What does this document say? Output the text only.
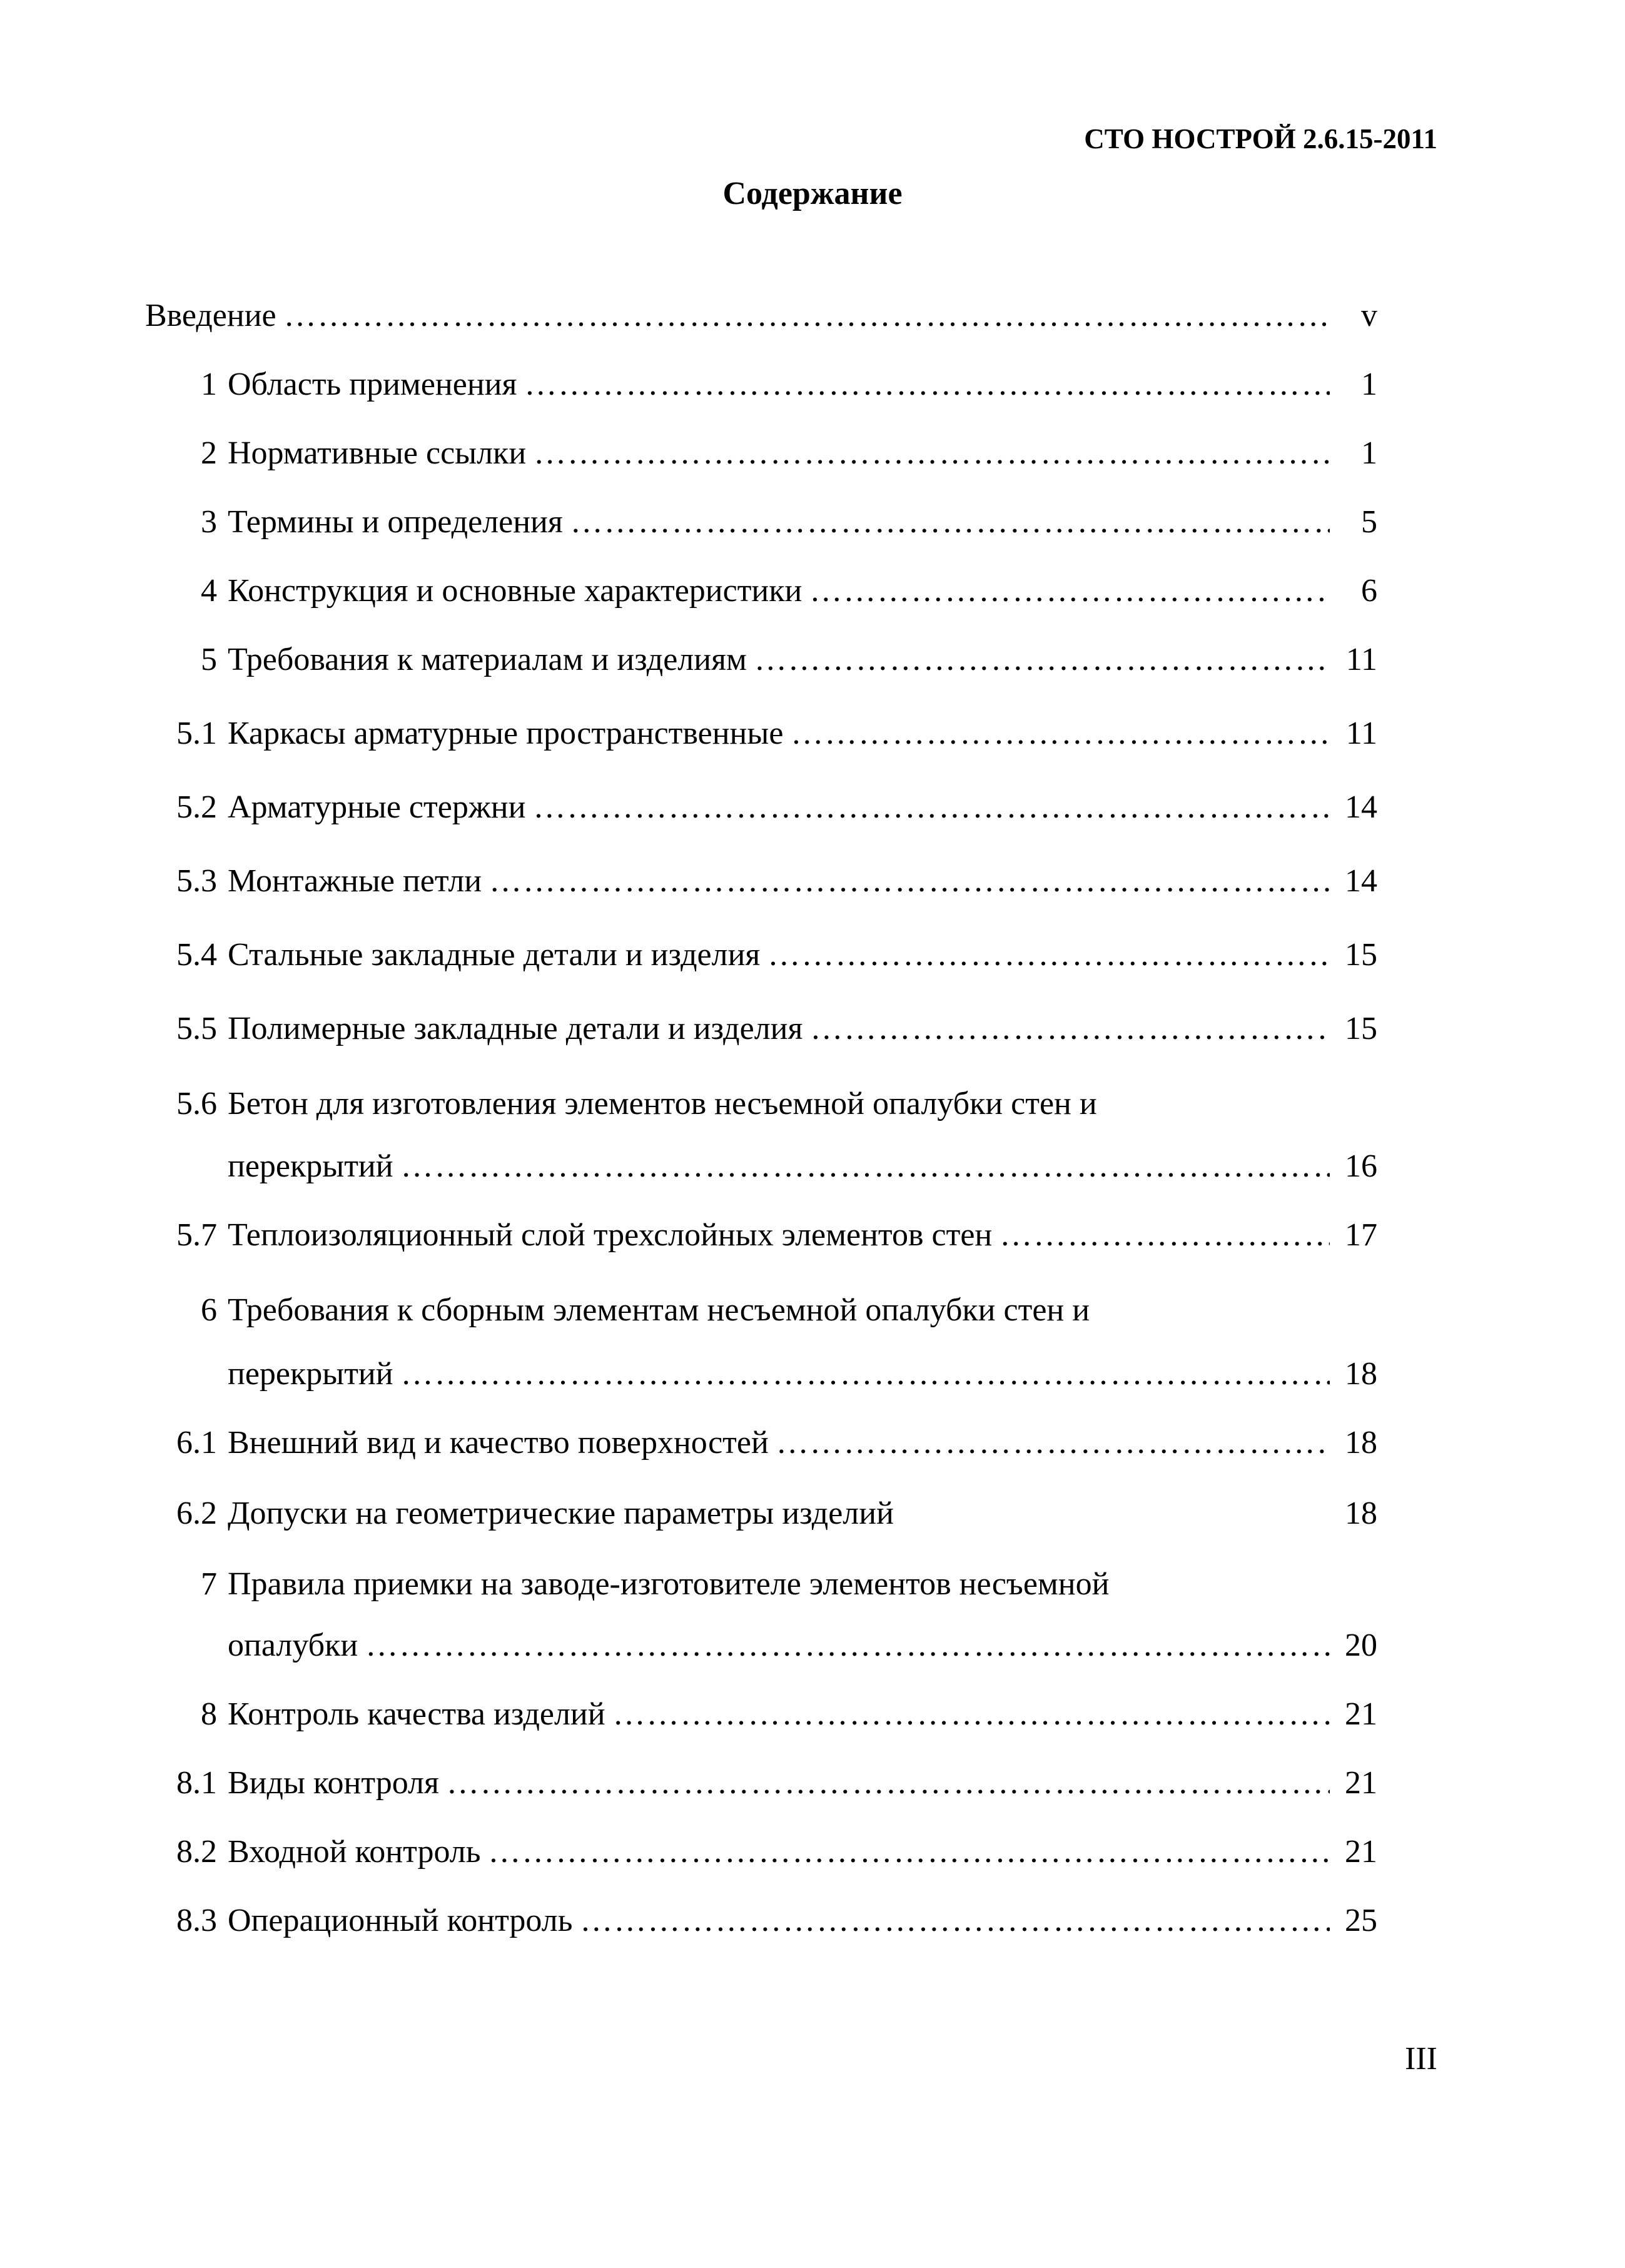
СТО НОСТРОЙ 2.6.15-2011
Содержание
Введение ………………………………………………………………………………………………………………………………………………………………………………………………………………………………………………	v
1 Область применения ………………………………………………………………………………………………………………………………………………………………………………………………………………………………………………	1
2 Нормативные ссылки ………………………………………………………………………………………………………………………………………………………………………………………………………………………………………………	1
3 Термины и определения ………………………………………………………………………………………………………………………………………………………………………………………………………………………………………………	5
4 Конструкция и основные характеристики ………………………………………………………………………………………………………………………………………………………………………………………………………………………………………………	6
5 Требования к материалам и изделиям ………………………………………………………………………………………………………………………………………………………………………………………………………………………………………………	11
5.1 Каркасы арматурные пространственные ………………………………………………………………………………………………………………………………………………………………………………………………………………………………………………	11
5.2 Арматурные стержни ………………………………………………………………………………………………………………………………………………………………………………………………………………………………………………	14
5.3 Монтажные петли ………………………………………………………………………………………………………………………………………………………………………………………………………………………………………………	14
5.4 Стальные закладные детали и изделия ………………………………………………………………………………………………………………………………………………………………………………………………………………………………………………	15
5.5 Полимерные закладные детали и изделия ………………………………………………………………………………………………………………………………………………………………………………………………………………………………………………	15
5.6 Бетон для изготовления элементов несъемной опалубки стен и
перекрытий ………………………………………………………………………………………………………………………………………………………………………………………………………………………………………………	16
5.7 Теплоизоляционный слой трехслойных элементов стен ………………………………………………………………………………………………………………………………………………………………………………………………………………………………………………	17
6 Требования к сборным элементам несъемной опалубки стен и
перекрытий ………………………………………………………………………………………………………………………………………………………………………………………………………………………………………………	18
6.1 Внешний вид и качество поверхностей ………………………………………………………………………………………………………………………………………………………………………………………………………………………………………………	18
6.2 Допуски на геометрические параметры изделий	18
7 Правила приемки на заводе-изготовителе элементов несъемной
опалубки ………………………………………………………………………………………………………………………………………………………………………………………………………………………………………………	20
8 Контроль качества изделий ………………………………………………………………………………………………………………………………………………………………………………………………………………………………………………	21
8.1 Виды контроля ………………………………………………………………………………………………………………………………………………………………………………………………………………………………………………	21
8.2 Входной контроль ………………………………………………………………………………………………………………………………………………………………………………………………………………………………………………	21
8.3 Операционный контроль ………………………………………………………………………………………………………………………………………………………………………………………………………………………………………………	25
III
